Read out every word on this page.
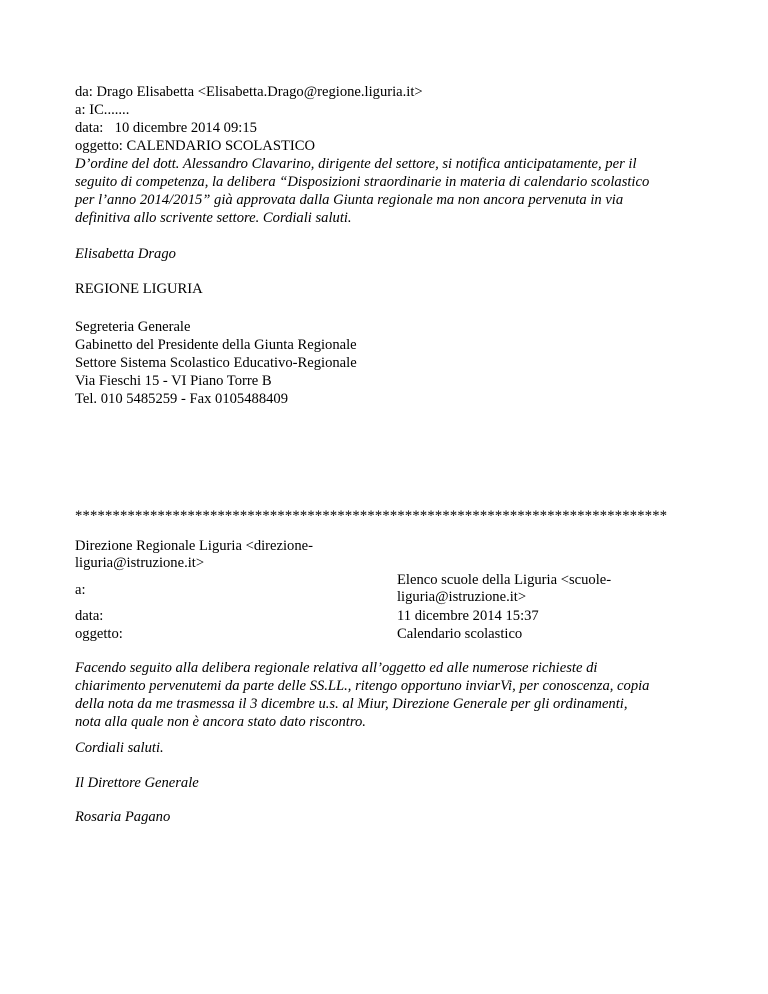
da: Drago Elisabetta <Elisabetta.Drago@regione.liguria.it>
a: IC.......
data: 10 dicembre 2014 09:15
oggetto: CALENDARIO SCOLASTICO
D’ordine del dott. Alessandro Clavarino, dirigente del settore, si notifica anticipatamente, per il
seguito di competenza, la delibera “Disposizioni straordinarie in materia di calendario scolastico
per l’anno 2014/2015” già approvata dalla Giunta regionale ma non ancora pervenuta in via
definitiva allo scrivente settore. Cordiali saluti.
Elisabetta Drago
REGIONE LIGURIA
Segreteria Generale
Gabinetto del Presidente della Giunta Regionale
Settore Sistema Scolastico Educativo-Regionale
Via Fieschi 15 - VI Piano Torre B
Tel. 010 5485259 - Fax 0105488409
*******************************************************************************
Direzione Regionale Liguria <direzione-
liguria@istruzione.it>
a:
Elenco scuole della Liguria <scuole-
liguria@istruzione.it>
data:	11 dicembre 2014 15:37
oggetto:	Calendario scolastico
Facendo seguito alla delibera regionale relativa all’oggetto ed alle numerose richieste di
chiarimento pervenutemi da parte delle SS.LL., ritengo opportuno inviarVi, per conoscenza, copia
della nota da me trasmessa il 3 dicembre u.s. al Miur, Direzione Generale per gli ordinamenti,
nota alla quale non è ancora stato dato riscontro.
Cordiali saluti.
Il Direttore Generale
Rosaria Pagano
